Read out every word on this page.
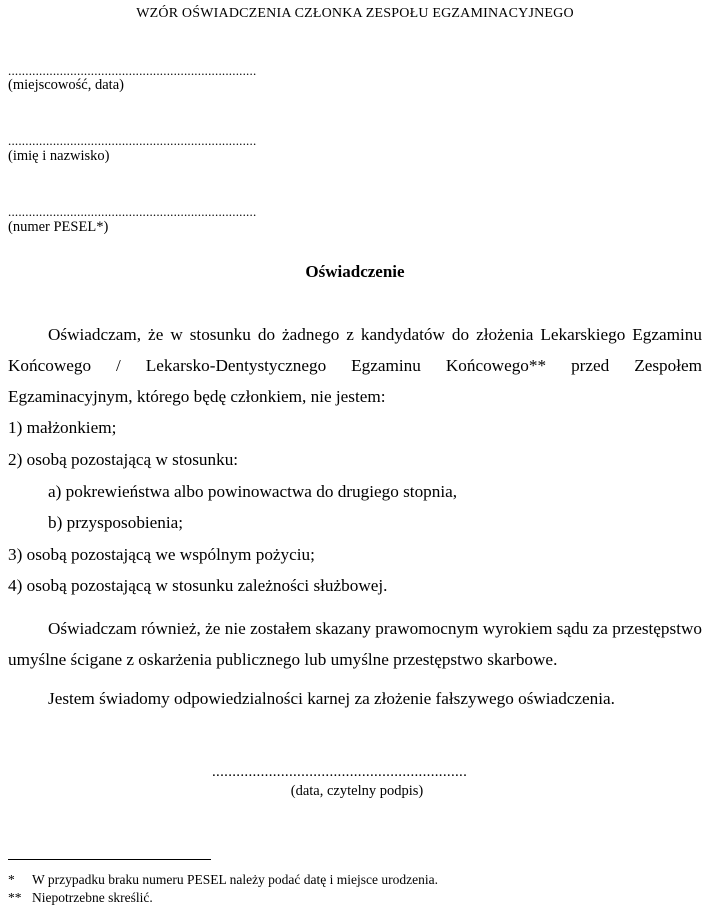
WZÓR OŚWIADCZENIA CZŁONKA ZESPOŁU EGZAMINACYJNEGO
........................................................................
(miejscowość, data)
........................................................................
(imię i nazwisko)
........................................................................
(numer PESEL*)
Oświadczenie

Oświadczam, że w stosunku do żadnego z kandydatów do złożenia Lekarskiego Egzaminu Końcowego / Lekarsko-Dentystycznego Egzaminu Końcowego** przed Zespołem Egzaminacyjnym, którego będę członkiem, nie jestem:

1) małżonkiem;

2) osobą pozostającą w stosunku:

a) pokrewieństwa albo powinowactwa do drugiego stopnia,

b) przysposobienia;

3) osobą pozostającą we wspólnym pożyciu;

4) osobą pozostającą w stosunku zależności służbowej.

Oświadczam również, że nie zostałem skazany prawomocnym wyrokiem sądu za przestępstwo umyślne ścigane z oskarżenia publicznego lub umyślne przestępstwo skarbowe.

Jestem świadomy odpowiedzialności karnej za złożenie fałszywego oświadczenia.

...............................................................
(data, czytelny podpis)
* W przypadku braku numeru PESEL należy podać datę i miejsce urodzenia.
** Niepotrzebne skreślić.
